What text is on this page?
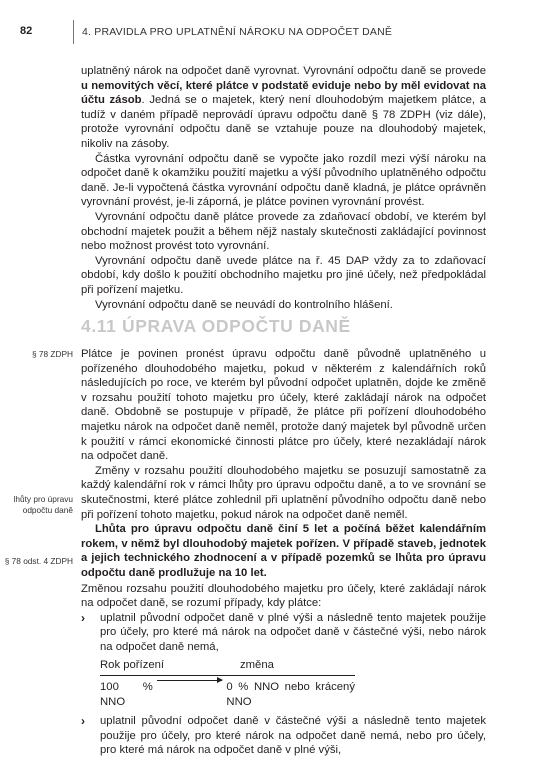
82	4. PRAVIDLA PRO UPLATNĚNÍ NÁROKU NA ODPOČET DANĚ

uplatněný nárok na odpočet daně vyrovnat. Vyrovnání odpočtu daně se provede u nemovitých věcí, které plátce v podstatě eviduje nebo by měl evidovat na účtu zásob. Jedná se o majetek, který není dlouhodobým majetkem plátce, a tudíž v daném případě neprovádí úpravu odpočtu daně § 78 ZDPH (viz dále), protože vyrovnání odpočtu daně se vztahuje pouze na dlouhodobý majetek, nikoliv na zásoby.

Částka vyrovnání odpočtu daně se vypočte jako rozdíl mezi výší nároku na odpočet daně k okamžiku použití majetku a výší původního uplatněného odpočtu daně. Je-li vypočtená částka vyrovnání odpočtu daně kladná, je plátce oprávněn vyrovnání provést, je-li záporná, je plátce povinen vyrovnání provést.

Vyrovnání odpočtu daně plátce provede za zdaňovací období, ve kterém byl obchodní majetek použit a během nějž nastaly skutečnosti zakládající povinnost nebo možnost provést toto vyrovnání.

Vyrovnání odpočtu daně uvede plátce na ř. 45 DAP vždy za to zdaňovací období, kdy došlo k použití obchodního majetku pro jiné účely, než předpokládal při pořízení majetku.

Vyrovnání odpočtu daně se neuvádí do kontrolního hlášení.

4.11 ÚPRAVA ODPOČTU DANĚ
§ 78 ZDPH
lhůty pro úpravu odpočtu daně
§ 78 odst. 4 ZDPH

Plátce je povinen pronést úpravu odpočtu daně původně uplatněného u pořízeného dlouhodobého majetku, pokud v některém z kalendářních roků následujících po roce, ve kterém byl původní odpočet uplatněn, dojde ke změně v rozsahu použití tohoto majetku pro účely, které zakládají nárok na odpočet daně. Obdobně se postupuje v případě, že plátce při pořízení dlouhodobého majetku nárok na odpočet daně neměl, protože daný majetek byl původně určen k použití v rámci ekonomické činnosti plátce pro účely, které nezakládají nárok na odpočet daně.

Změny v rozsahu použití dlouhodobého majetku se posuzují samostatně za každý kalendářní rok v rámci lhůty pro úpravu odpočtu daně, a to ve srovnání se skutečnostmi, které plátce zohlednil při uplatnění původního odpočtu daně nebo při pořízení tohoto majetku, pokud nárok na odpočet daně neměl.

Lhůta pro úpravu odpočtu daně činí 5 let a počíná běžet kalendářním rokem, v němž byl dlouhodobý majetek pořízen. V případě staveb, jednotek a jejich technického zhodnocení a v případě pozemků se lhůta pro úpravu odpočtu daně prodlužuje na 10 let.

Změnou rozsahu použití dlouhodobého majetku pro účely, které zakládají nárok na odpočet daně, se rozumí případy, kdy plátce:

› uplatnil původní odpočet daně v plné výši a následně tento majetek použije pro účely, pro které má nárok na odpočet daně v částečné výši, nebo nárok na odpočet daně nemá,
Rok pořízení	změna
100 % NNO
0 % NNO nebo krácený NNO
› uplatnil původní odpočet daně v částečné výši a následně tento majetek použije pro účely, pro které nárok na odpočet daně nemá, nebo pro účely, pro které má nárok na odpočet daně v plné výši,
